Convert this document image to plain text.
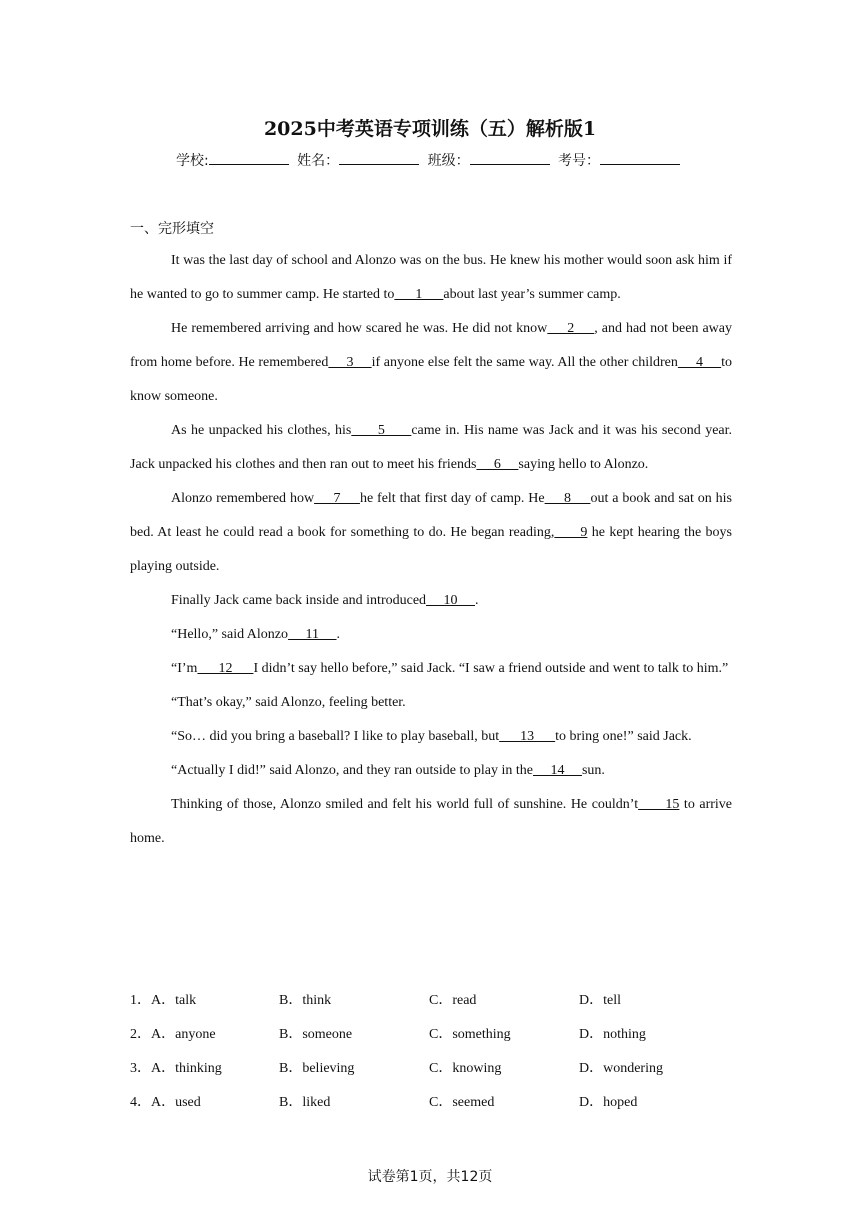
2025中考英语专项训练（五）解析版1
学校:	姓名：	班级：	考号：
一、完形填空

It was the last day of school and Alonzo was on the bus. He knew his mother would soon ask him if he wanted to go to summer camp. He started to      1      about last year’s summer camp.

He remembered arriving and how scared he was. He did not know     2     , and had not been away from home before. He remembered     3     if anyone else felt the same way. All the other children     4     to know someone.

As he unpacked his clothes, his      5      came in. His name was Jack and it was his second year. Jack unpacked his clothes and then ran out to meet his friends     6     saying hello to Alonzo.

Alonzo remembered how     7     he felt that first day of camp. He     8     out a book and sat on his bed. At least he could read a book for something to do. He began reading,      9 he kept hearing the boys playing outside.

Finally Jack came back inside and introduced     10     .

“Hello,” said Alonzo     11     .

“I’m      12      I didn’t say hello before,” said Jack. “I saw a friend outside and went to talk to him.”

“That’s okay,” said Alonzo, feeling better.

“So… did you bring a baseball? I like to play baseball, but      13      to bring one!” said Jack.

“Actually I did!” said Alonzo, and they ran outside to play in the     14     sun.

Thinking of those, Alonzo smiled and felt his world full of sunshine. He couldn’t      15 to arrive home.

1．A．talk	B．think	C．read	D．tell
2．A．anyone	B．someone	C．something	D．nothing
3．A．thinking	B．believing	C．knowing	D．wondering
4．A．used	B．liked	C．seemed	D．hoped
试卷第1页，共12页
